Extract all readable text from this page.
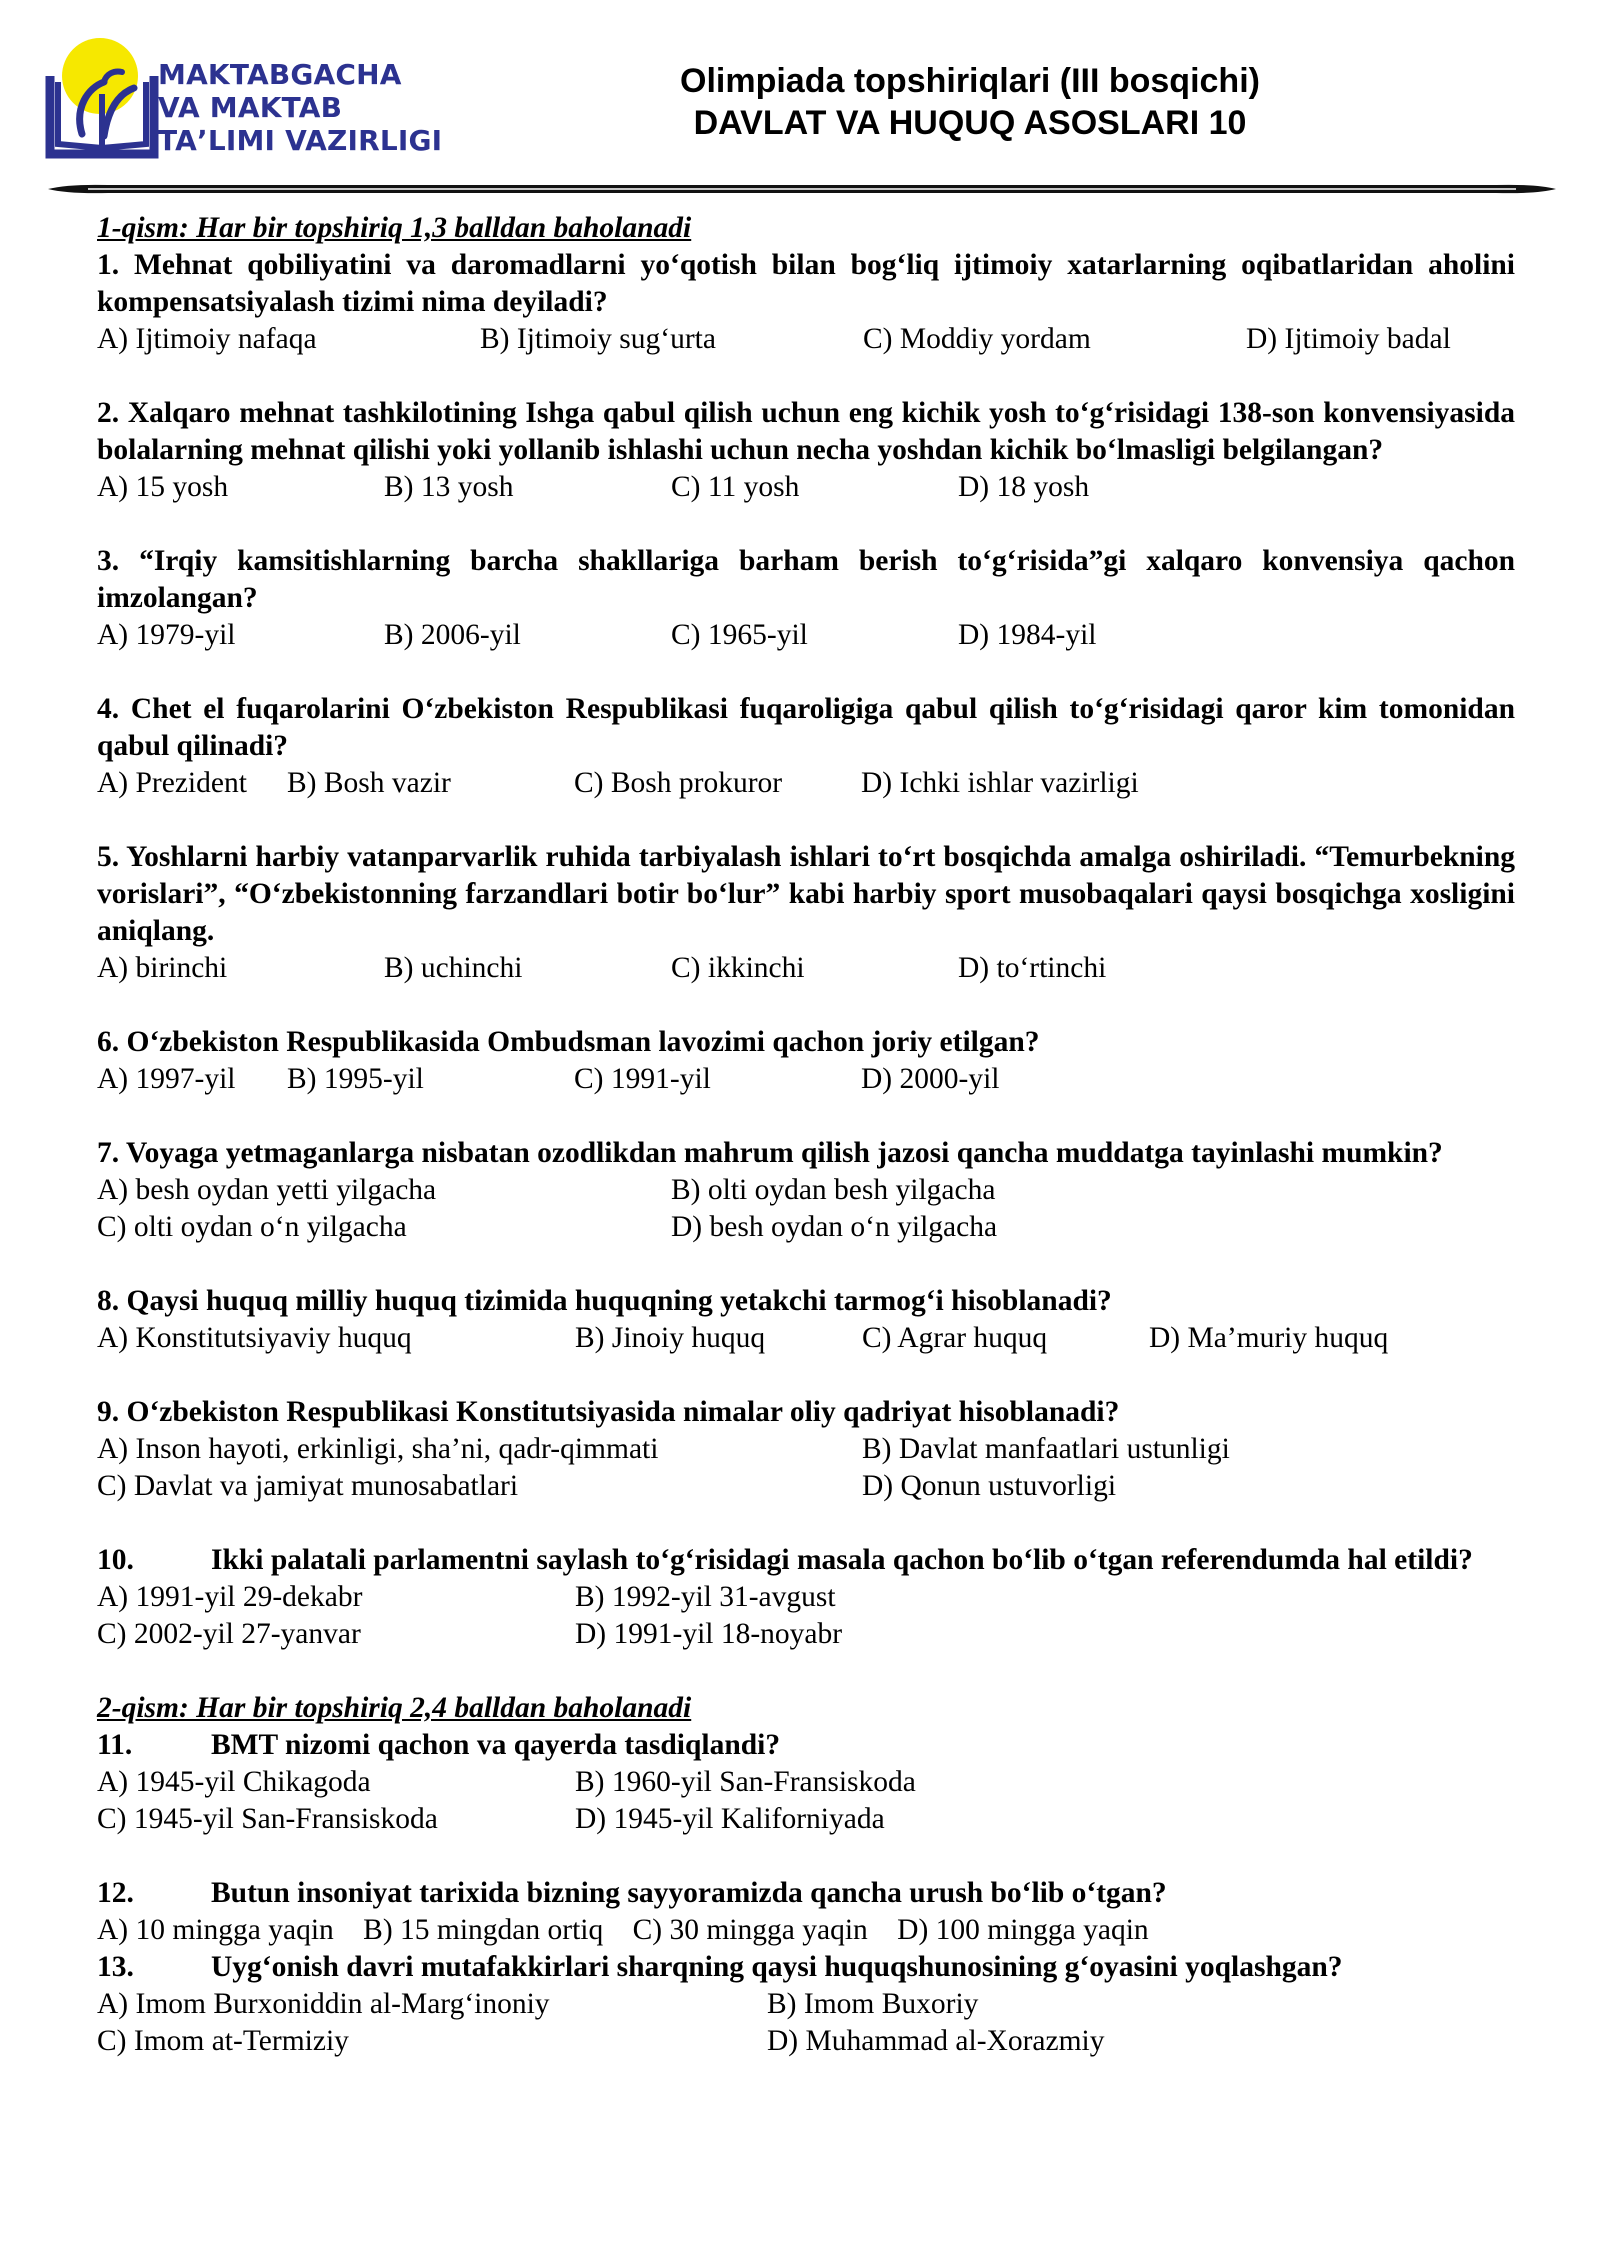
MAKTABGACHA
VA MAKTAB
TAʼLIMI VAZIRLIGI
Olimpiada topshiriqlari (III bosqichi)
DAVLAT VA HUQUQ ASOSLARI 10

1-qism: Har bir topshiriq 1,3 balldan baholanadi

1. Mehnat qobiliyatini va daromadlarni yo‘qotish bilan bog‘liq ijtimoiy xatarlarning oqibatlaridan aholini kompensatsiyalash tizimi nima deyiladi?

A) Ijtimoiy nafaqa	B) Ijtimoiy sug‘urta	C) Moddiy yordam	D) Ijtimoiy badal

2. Xalqaro mehnat tashkilotining Ishga qabul qilish uchun eng kichik yosh to‘g‘risidagi 138-son konvensiyasida bolalarning mehnat qilishi yoki yollanib ishlashi uchun necha yoshdan kichik bo‘lmasligi belgilangan?

A) 15 yosh	B) 13 yosh	C) 11 yosh	D) 18 yosh

3. “Irqiy kamsitishlarning barcha shakllariga barham berish to‘g‘risida”gi xalqaro konvensiya qachon imzolangan?

A) 1979-yil	B) 2006-yil	C) 1965-yil	D) 1984-yil

4. Chet el fuqarolarini O‘zbekiston Respublikasi fuqaroligiga qabul qilish to‘g‘risidagi qaror kim tomonidan qabul qilinadi?

A) Prezident	B) Bosh vazir	C) Bosh prokuror	D) Ichki ishlar vazirligi

5. Yoshlarni harbiy vatanparvarlik ruhida tarbiyalash ishlari to‘rt bosqichda amalga oshiriladi. “Temurbekning vorislari”, “O‘zbekistonning farzandlari botir bo‘lur” kabi harbiy sport musobaqalari qaysi bosqichga xosligini aniqlang.

A) birinchi	B) uchinchi	C) ikkinchi	D) to‘rtinchi

6. O‘zbekiston Respublikasida Ombudsman lavozimi qachon joriy etilgan?

A) 1997-yil	B) 1995-yil	C) 1991-yil	D) 2000-yil

7. Voyaga yetmaganlarga nisbatan ozodlikdan mahrum qilish jazosi qancha muddatga tayinlashi mumkin?

A) besh oydan yetti yilgacha	B) olti oydan besh yilgacha
C) olti oydan o‘n yilgacha	D) besh oydan o‘n yilgacha

8. Qaysi huquq milliy huquq tizimida huquqning yetakchi tarmog‘i hisoblanadi?

A) Konstitutsiyaviy huquq	B) Jinoiy huquq	C) Agrar huquq	D) Ma’muriy huquq

9. O‘zbekiston Respublikasi Konstitutsiyasida nimalar oliy qadriyat hisoblanadi?

A) Inson hayoti, erkinligi, sha’ni, qadr-qimmati	B) Davlat manfaatlari ustunligi
C) Davlat va jamiyat munosabatlari	D) Qonun ustuvorligi

10.	Ikki palatali parlamentni saylash to‘g‘risidagi masala qachon bo‘lib o‘tgan referendumda hal etildi?

A) 1991-yil 29-dekabr	B) 1992-yil 31-avgust
C) 2002-yil 27-yanvar	D) 1991-yil 18-noyabr

2-qism: Har bir topshiriq 2,4 balldan baholanadi

11.	BMT nizomi qachon va qayerda tasdiqlandi?

A) 1945-yil Chikagoda	B) 1960-yil San-Fransiskoda
C) 1945-yil San-Fransiskoda	D) 1945-yil Kaliforniyada

12.	Butun insoniyat tarixida bizning sayyoramizda qancha urush bo‘lib o‘tgan?

A) 10 mingga yaqin B) 15 mingdan ortiq C) 30 mingga yaqin D) 100 mingga yaqin

13.	Uyg‘onish davri mutafakkirlari sharqning qaysi huquqshunosining g‘oyasini yoqlashgan?

A) Imom Burxoniddin al-Marg‘inoniy	B) Imom Buxoriy
C) Imom at-Termiziy	D) Muhammad al-Xorazmiy
